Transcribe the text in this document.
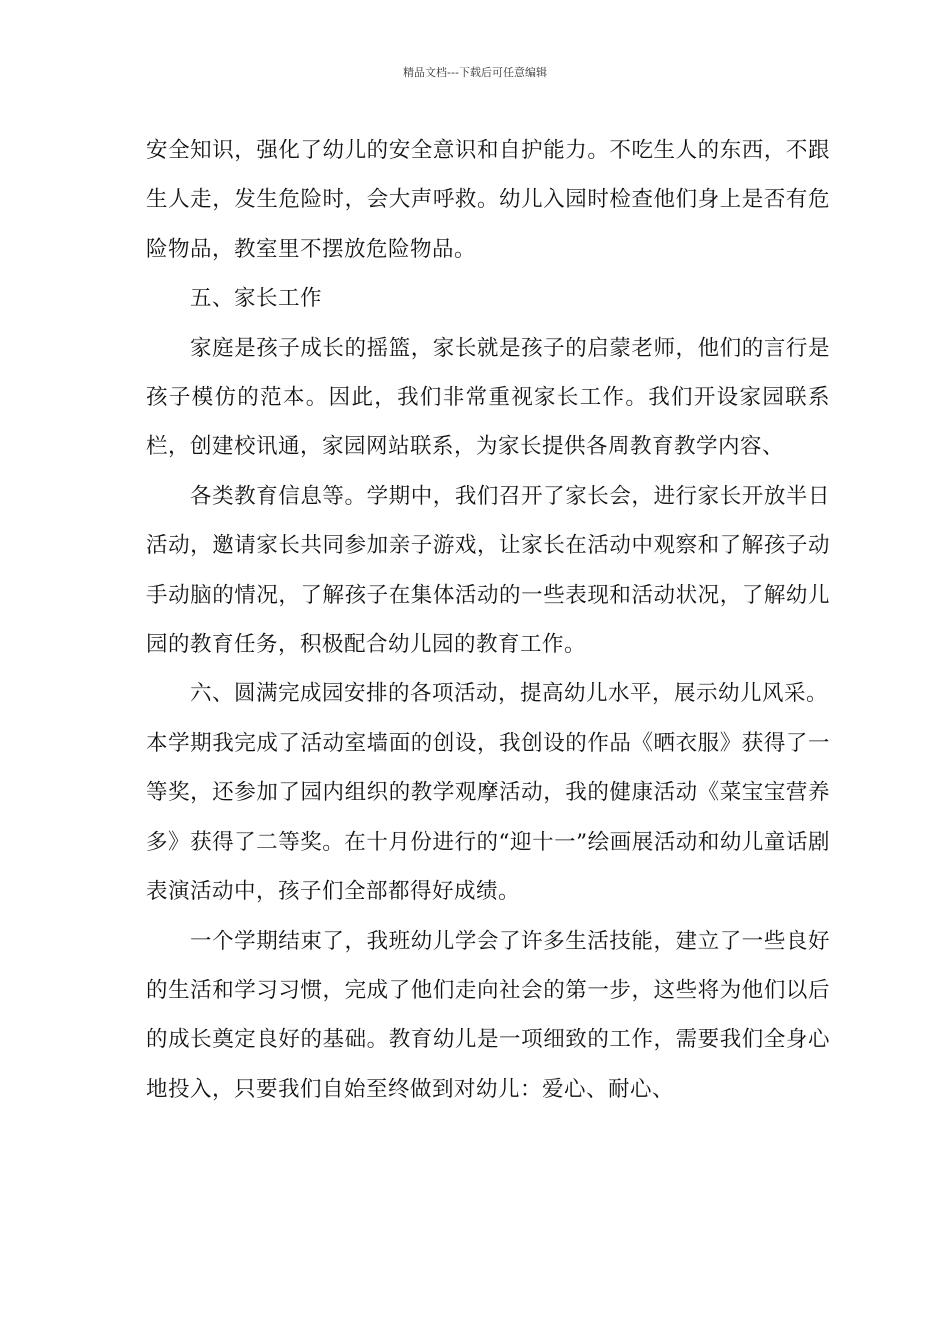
精品文档---下载后可任意编辑

安全知识，强化了幼儿的安全意识和自护能力。不吃生人的东西，不跟生人走，发生危险时，会大声呼救。幼儿入园时检查他们身上是否有危险物品，教室里不摆放危险物品。

五、家长工作

家庭是孩子成长的摇篮，家长就是孩子的启蒙老师，他们的言行是孩子模仿的范本。因此，我们非常重视家长工作。我们开设家园联系栏，创建校讯通，家园网站联系，为家长提供各周教育教学内容、

各类教育信息等。学期中，我们召开了家长会，进行家长开放半日活动，邀请家长共同参加亲子游戏，让家长在活动中观察和了解孩子动手动脑的情况，了解孩子在集体活动的一些表现和活动状况，了解幼儿园的教育任务，积极配合幼儿园的教育工作。

六、圆满完成园安排的各项活动，提高幼儿水平，展示幼儿风采。

本学期我完成了活动室墙面的创设，我创设的作品《晒衣服》获得了一等奖，还参加了园内组织的教学观摩活动，我的健康活动《菜宝宝营养多》获得了二等奖。在十月份进行的“迎十一”绘画展活动和幼儿童话剧表演活动中，孩子们全部都得好成绩。

一个学期结束了，我班幼儿学会了许多生活技能，建立了一些良好的生活和学习习惯，完成了他们走向社会的第一步，这些将为他们以后的成长奠定良好的基础。教育幼儿是一项细致的工作，需要我们全身心地投入，只要我们自始至终做到对幼儿：爱心、耐心、
